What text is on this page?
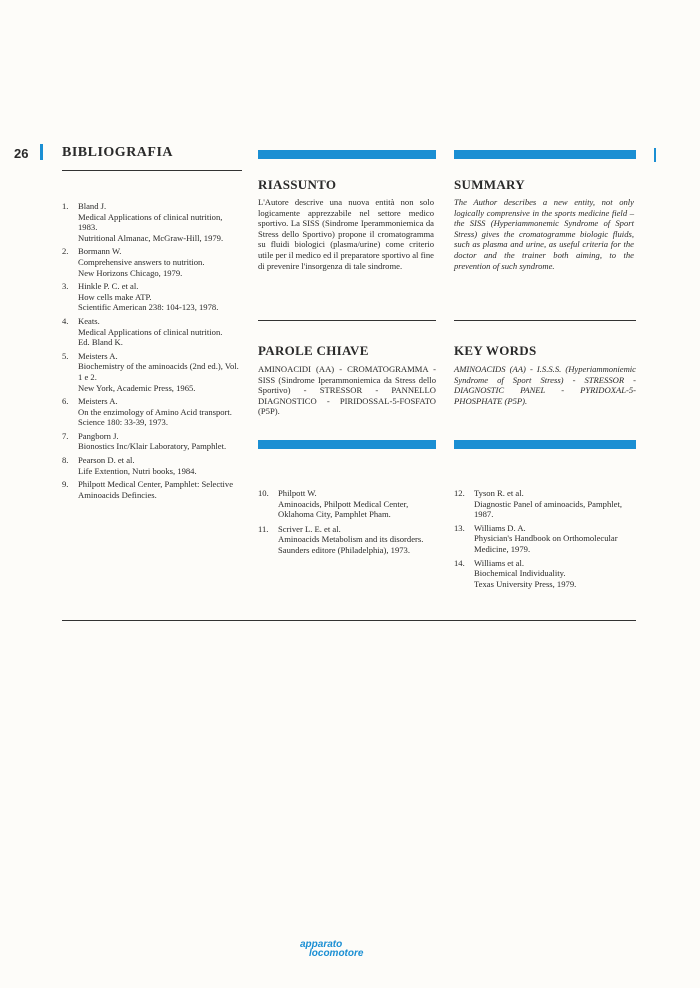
26 BIBLIOGRAFIA
RIASSUNTO
L'Autore descrive una nuova entità non solo logicamente apprezzabile nel settore medico sportivo. La SISS (Sindrome Iperammoniemica da Stress dello Sportivo) propone il cromatogramma su fluidi biologici (plasma/urine) come criterio utile per il medico ed il preparatore sportivo al fine di prevenire l'insorgenza di tale sindrome.
SUMMARY
The Author describes a new entity, not only logically comprensive in the sports medicine field – the SISS (Hyperiammonemic Syndrome of Sport Stress) gives the cromatogramme biologic fluids, such as plasma and urine, as useful criteria for the doctor and the trainer both aiming, to the prevention of such syndrome.
PAROLE CHIAVE
AMINOACIDI (AA) - CROMATOGRAMMA - SISS (Sindrome Iperammoniemica da Stress dello Sportivo) - STRESSOR - PANNELLO DIAGNOSTICO - PIRIDOSSAL-5-FOSFATO (P5P).
KEY WORDS
AMINOACIDS (AA) - I.S.S.S. (Hyperiammoniemic Syndrome of Sport Stress) - STRESSOR - DIAGNOSTIC PANEL - PYRIDOXAL-5-PHOSPHATE (P5P).
1. Bland J.
Medical Applications of clinical nutrition, 1983.
Nutritional Almanac, McGraw-Hill, 1979.
2. Bormann W.
Comprehensive answers to nutrition.
New Horizons Chicago, 1979.
3. Hinkle P. C. et al.
How cells make ATP.
Scientific American 238: 104-123, 1978.
4. Keats.
Medical Applications of clinical nutrition.
Ed. Bland K.
5. Meisters A.
Biochemistry of the aminoacids (2nd ed.), Vol. 1 e 2.
New York, Academic Press, 1965.
6. Meisters A.
On the enzimology of Amino Acid transport.
Science 180: 33-39, 1973.
7. Pangborn J.
Bionostics Inc/Klair Laboratory, Pamphlet.
8. Pearson D. et al.
Life Extention, Nutri books, 1984.
9. Philpott Medical Center, Pamphlet: Selective Aminoacids Defincies.	10. Philpott W.
Aminoacids, Philpott Medical Center, Oklahoma City, Pamphlet Pham.
11. Scriver L. E. et al.
Aminoacids Metabolism and its disorders.
Saunders editore (Philadelphia), 1973.
12. Tyson R. et al.
Diagnostic Panel of aminoacids, Pamphlet, 1987.
13. Williams D. A.
Physician's Handbook on Orthomolecular Medicine, 1979.
14. Williams et al.
Biochemical Individuality.
Texas University Press, 1979.
apparato
locomotore
